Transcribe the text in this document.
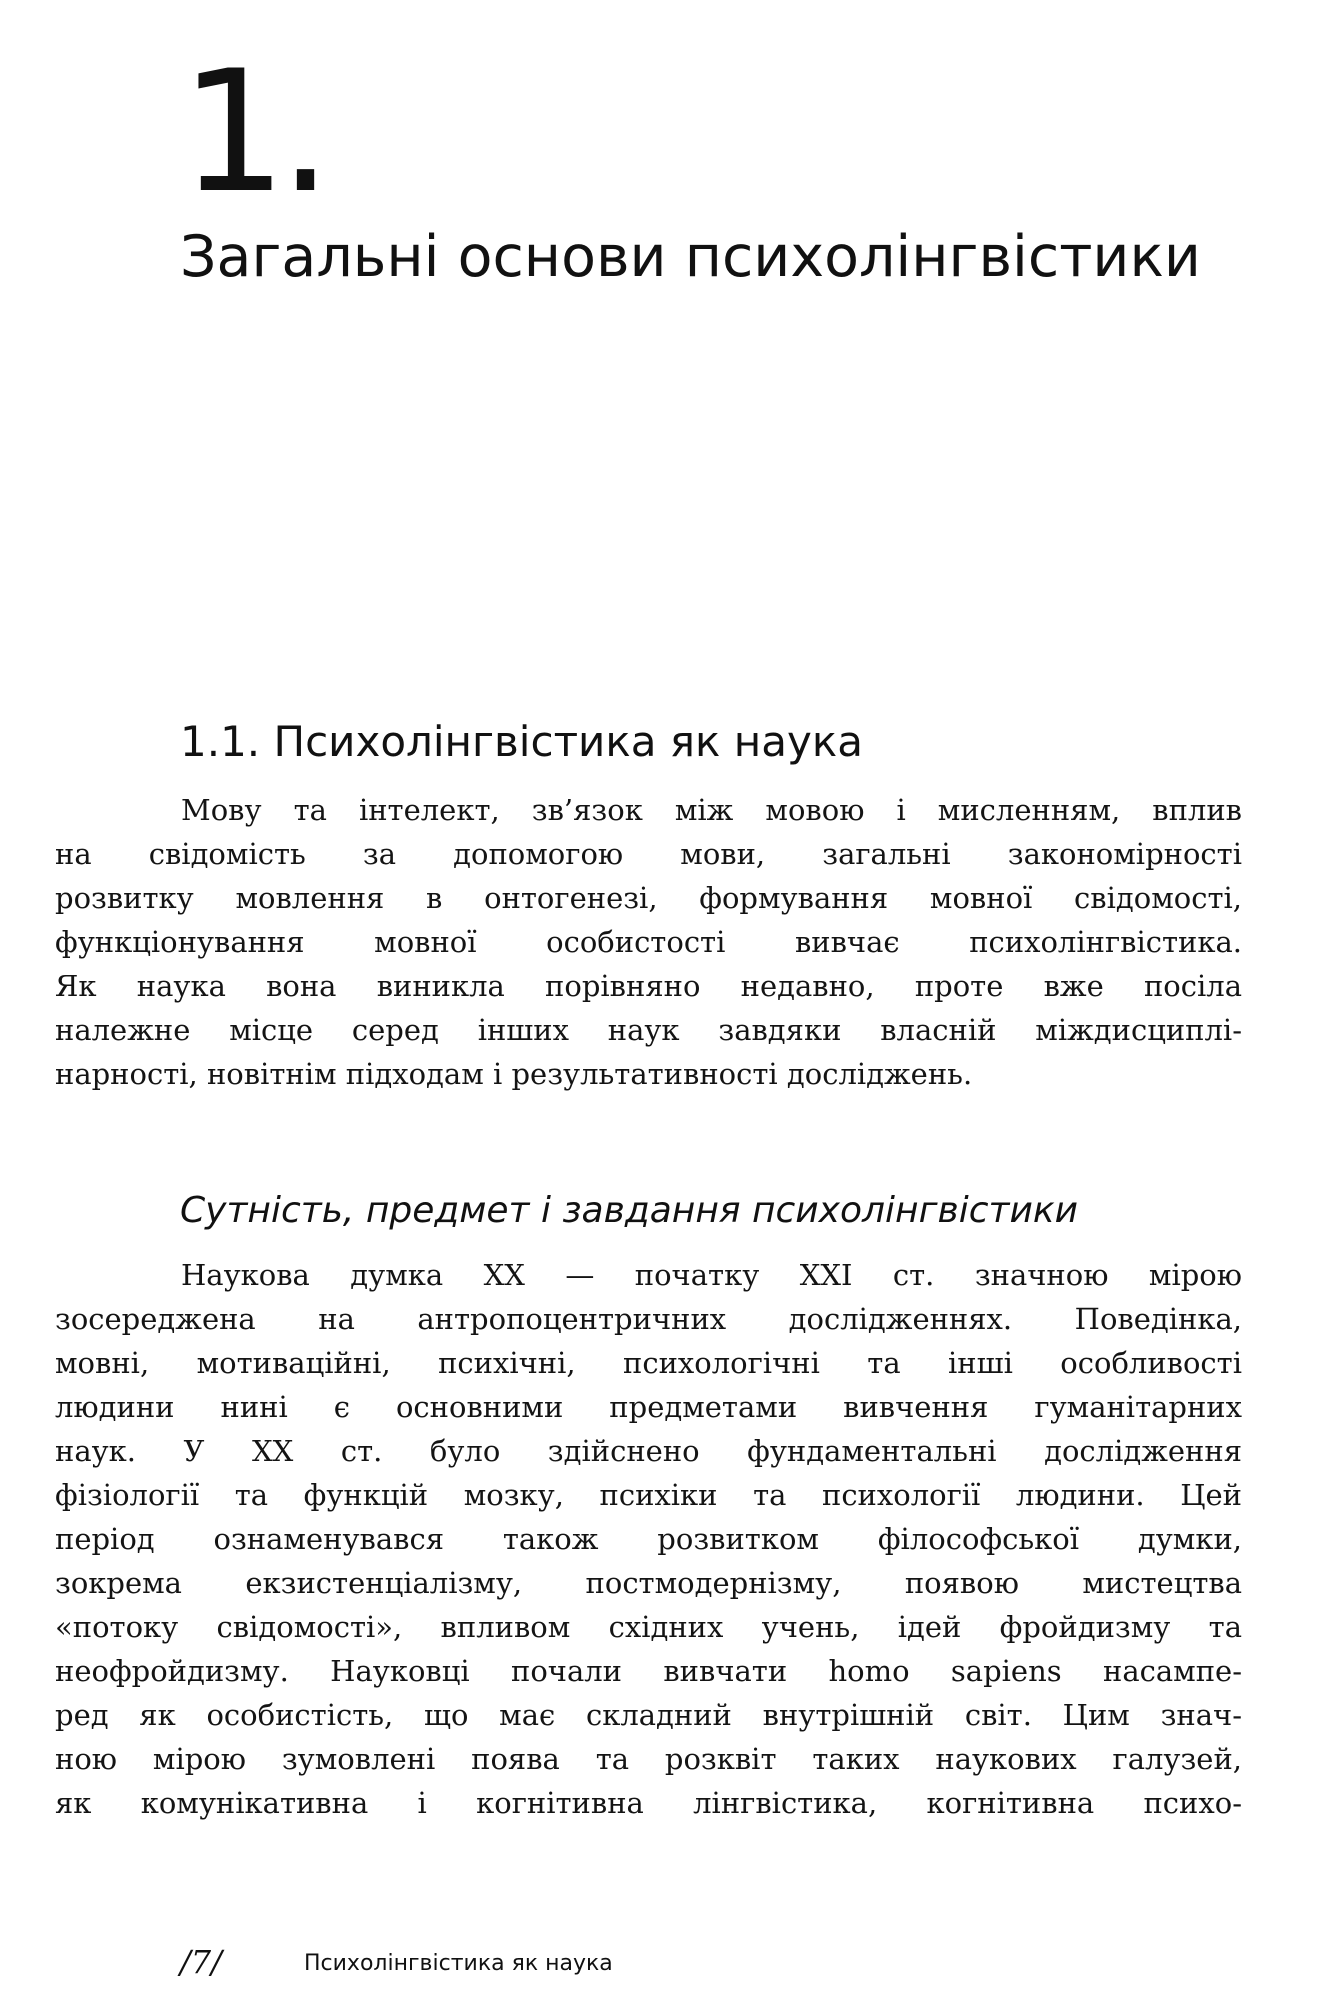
1.
Загальні основи психолінгвістики
1.1. Психолінгвістика як наука
Мову та інтелект, зв’язок між мовою і мисленням, вплив
на свідомість за допомогою мови, загальні закономірності
розвитку мовлення в онтогенезі, формування мовної свідомості,
функціонування мовної особистості вивчає психолінгвістика.
Як наука вона виникла порівняно недавно, проте вже посіла
належне місце серед інших наук завдяки власній міждисциплі-
нарності, новітнім підходам і результативності досліджень.
Сутність, предмет і завдання психолінгвістики
Наукова думка XX — початку XXI ст. значною мірою
зосереджена на антропоцентричних дослідженнях. Поведінка,
мовні, мотиваційні, психічні, психологічні та інші особливості
людини нині є основними предметами вивчення гуманітарних
наук. У XX ст. було здійснено фундаментальні дослідження
фізіології та функцій мозку, психіки та психології людини. Цей
період ознаменувався також розвитком філософської думки,
зокрема екзистенціалізму, постмодернізму, появою мистецтва
«потоку свідомості», впливом східних учень, ідей фройдизму та
неофройдизму. Науковці почали вивчати homo sapiens насампе-
ред як особистість, що має складний внутрішній світ. Цим знач-
ною мірою зумовлені поява та розквіт таких наукових галузей,
як комунікативна і когнітивна лінгвістика, когнітивна психо-
/7/	Психолінгвістика як наука
